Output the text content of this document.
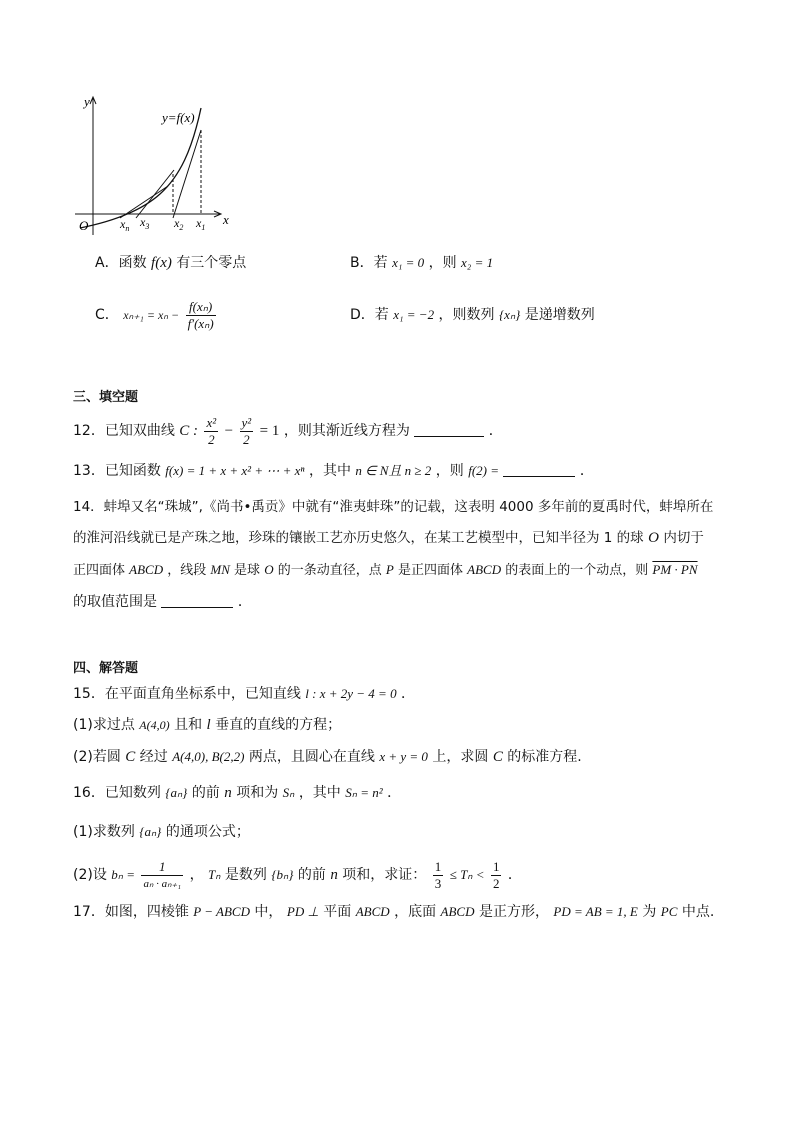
y
y=f(x)
O	x
$x_n$ $x_3$ $x_2$ $x_1$
A．函数 f(x) 有三个零点	B．若 x₁ = 0 ，则 x₂ = 1
C． $x_{n+1} = x_n - \frac{\text{f(xₙ)}}{\text{f′(xₙ)}}$	D．若 x₁ = −2 ，则数列 {xₙ} 是递增数列
三、填空题
12．已知双曲线 C : $\frac{\text{x²}}{2} - \frac{\text{y²}}{2} = 1$ ，则其渐近线方程为	．
13．已知函数 f(x) = 1 + x + x² + ⋯ + xⁿ ，其中 n ∈ N且 n ≥ 2 ，则 f(2) =	．
14．蚌埠又名“珠城”,《尚书•禹贡》中就有“淮夷蚌珠”的记载，这表明 4000 多年前的夏禹时代，蚌埠所在
的淮河沿线就已是产珠之地，珍珠的镶嵌工艺亦历史悠久，在某工艺模型中，已知半径为 1 的球 O 内切于
正四面体 ABCD ，线段 MN 是球 O 的一条动直径，点 P 是正四面体 ABCD 的表面上的一个动点，则 PM · PN
的取值范围是	．
四、解答题
15．在平面直角坐标系中，已知直线 l : x + 2y − 4 = 0 ．
(1)求过点 A(4,0) 且和 l 垂直的直线的方程；
(2)若圆 C 经过 A(4,0), B(2,2) 两点，且圆心在直线 x + y = 0 上，求圆 C 的标准方程.
16．已知数列 {aₙ} 的前 n 项和为 Sₙ ，其中 Sₙ = n² ．
(1)求数列 {aₙ} 的通项公式；
(2)设 $b_n = \frac{1}{\text{aₙ · aₙ₊₁}}$ ， Tₙ 是数列 {bₙ} 的前 n 项和，求证： $\frac{1}{3} \le T_n < \frac{1}{2}$ ．
17．如图，四棱锥 P − ABCD 中， PD ⊥ 平面 ABCD ，底面 ABCD 是正方形， PD = AB = 1, E 为 PC 中点.
